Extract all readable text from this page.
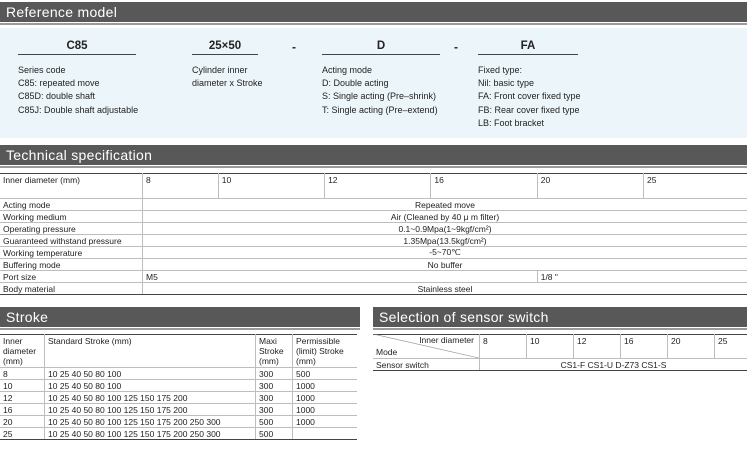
Reference model
C85	25×50	-	D	-	FA
Series code
C85: repeated move
C85D: double shaft
C85J: Double shaft adjustable
Cylinder inner
diameter x Stroke
Acting mode
D: Double acting
S: Single acting (Pre–shrink)
T: Single acting (Pre–extend)
Fixed type:
Nil: basic type
FA: Front cover fixed type
FB: Rear cover fixed type
LB: Foot bracket
Technical specification
Inner diameter (mm)	8	10	12	16	20	25
Acting mode	Repeated move					
Working medium	Air (Cleaned by 40 μ m filter)					
Operating pressure	0.1~0.9Mpa(1~9kgf/cm²)					
Guaranteed withstand pressure	1.35Mpa(13.5kgf/cm²)					
Working temperature	-5~70℃					
Buffering mode	No buffer					
Port size	M5				1/8 "	
Body material	Stainless steel					
Stroke
Inner diameter (mm)	Standard Stroke (mm)	Maxi Stroke (mm)	Permissible (limit) Stroke (mm)
8	10 25 40 50 80 100	300	500
10	10 25 40 50 80 100	300	1000
12	10 25 40 50 80 100 125 150 175 200	300	1000
16	10 25 40 50 80 100 125 150 175 200	300	1000
20	10 25 40 50 80 100 125 150 175 200 250 300	500	1000
25	10 25 40 50 80 100 125 150 175 200 250 300	500	
Selection of sensor switch
Inner diameter
Mode	8	10	12	16	20	25
Sensor switch	CS1-F CS1-U D-Z73 CS1-S					
